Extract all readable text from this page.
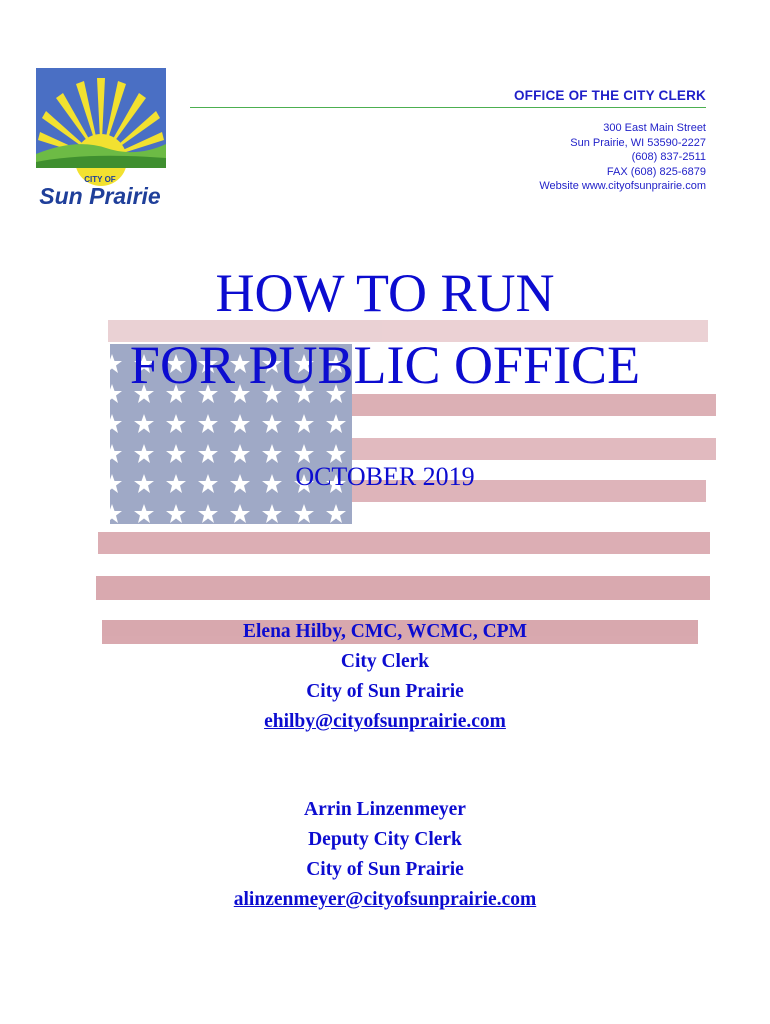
CITY OF
Sun Prairie
OFFICE OF THE CITY CLERK
300 East Main Street
Sun Prairie, WI 53590-2227
(608) 837-2511
FAX (608) 825-6879
Website www.cityofsunprairie.com
HOW TO RUN
FOR PUBLIC OFFICE
OCTOBER 2019
Elena Hilby, CMC, WCMC, CPM
City Clerk
City of Sun Prairie
ehilby@cityofsunprairie.com
Arrin Linzenmeyer
Deputy City Clerk
City of Sun Prairie
alinzenmeyer@cityofsunprairie.com
